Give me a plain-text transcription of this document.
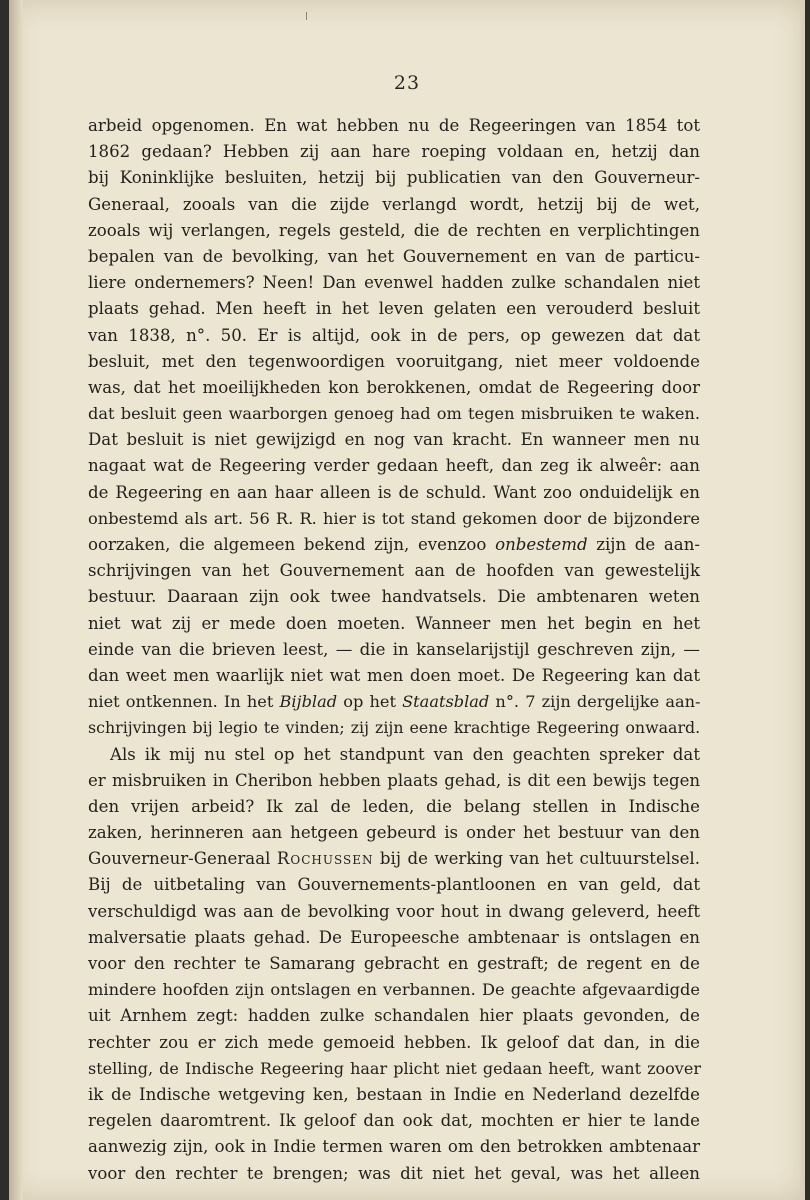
23
arbeid opgenomen. En wat hebben nu de Regeeringen van 1854 tot
1862 gedaan? Hebben zij aan hare roeping voldaan en, hetzij dan
bij Koninklijke besluiten, hetzij bij publicatien van den Gouverneur-
Generaal, zooals van die zijde verlangd wordt, hetzij bij de wet,
zooals wij verlangen, regels gesteld, die de rechten en verplichtingen
bepalen van de bevolking, van het Gouvernement en van de particu-
liere ondernemers? Neen! Dan evenwel hadden zulke schandalen niet
plaats gehad. Men heeft in het leven gelaten een verouderd besluit
van 1838, n°. 50. Er is altijd, ook in de pers, op gewezen dat dat
besluit, met den tegenwoordigen vooruitgang, niet meer voldoende
was, dat het moeilijkheden kon berokkenen, omdat de Regeering door
dat besluit geen waarborgen genoeg had om tegen misbruiken te waken.
Dat besluit is niet gewijzigd en nog van kracht. En wanneer men nu
nagaat wat de Regeering verder gedaan heeft, dan zeg ik alweêr: aan
de Regeering en aan haar alleen is de schuld. Want zoo onduidelijk en
onbestemd als art. 56 R. R. hier is tot stand gekomen door de bijzondere
oorzaken, die algemeen bekend zijn, evenzoo onbestemd zijn de aan-
schrijvingen van het Gouvernement aan de hoofden van gewestelijk
bestuur. Daaraan zijn ook twee handvatsels. Die ambtenaren weten
niet wat zij er mede doen moeten. Wanneer men het begin en het
einde van die brieven leest, — die in kanselarijstijl geschreven zijn, —
dan weet men waarlijk niet wat men doen moet. De Regeering kan dat
niet ontkennen. In het Bijblad op het Staatsblad n°. 7 zijn dergelijke aan-
schrijvingen bij legio te vinden; zij zijn eene krachtige Regeering onwaard.
Als ik mij nu stel op het standpunt van den geachten spreker dat
er misbruiken in Cheribon hebben plaats gehad, is dit een bewijs tegen
den vrijen arbeid? Ik zal de leden, die belang stellen in Indische
zaken, herinneren aan hetgeen gebeurd is onder het bestuur van den
Gouverneur-Generaal Rochussen bij de werking van het cultuurstelsel.
Bij de uitbetaling van Gouvernements-plantloonen en van geld, dat
verschuldigd was aan de bevolking voor hout in dwang geleverd, heeft
malversatie plaats gehad. De Europeesche ambtenaar is ontslagen en
voor den rechter te Samarang gebracht en gestraft; de regent en de
mindere hoofden zijn ontslagen en verbannen. De geachte afgevaardigde
uit Arnhem zegt: hadden zulke schandalen hier plaats gevonden, de
rechter zou er zich mede gemoeid hebben. Ik geloof dat dan, in die
stelling, de Indische Regeering haar plicht niet gedaan heeft, want zoover
ik de Indische wetgeving ken, bestaan in Indie en Nederland dezelfde
regelen daaromtrent. Ik geloof dan ook dat, mochten er hier te lande
aanwezig zijn, ook in Indie termen waren om den betrokken ambtenaar
voor den rechter te brengen; was dit niet het geval, was het alleen
